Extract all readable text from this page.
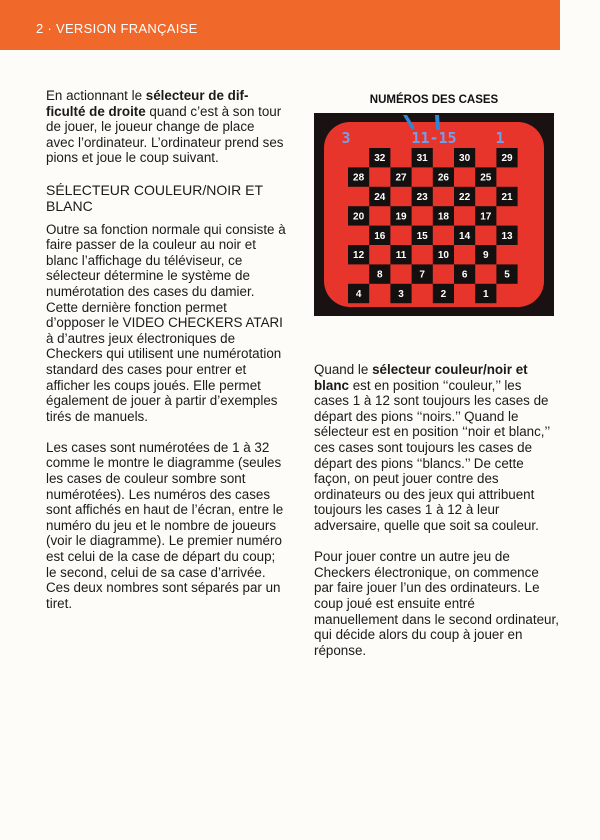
2 · VERSION FRANÇAISE

En actionnant le sélecteur de dif-ficulté de droite quand c’est à son tour de jouer, le joueur change de place avec l’ordinateur. L’ordinateur prend ses pions et joue le coup suivant.

SÉLECTEUR COULEUR/NOIR ET BLANC

Outre sa fonction normale qui consiste à faire passer de la couleur au noir et blanc l’affichage du téléviseur, ce sélecteur détermine le système de numérotation des cases du damier. Cette dernière fonction permet d’opposer le VIDEO CHECKERS ATARI à d’autres jeux électroniques de Checkers qui utilisent une numérotation standard des cases pour entrer et afficher les coups joués. Elle permet également de jouer à partir d’exemples tirés de manuels.

Les cases sont numérotées de 1 à 32 comme le montre le diagramme (seules les cases de couleur sombre sont numérotées). Les numéros des cases sont affichés en haut de l’écran, entre le numéro du jeu et le nombre de joueurs (voir le diagramme). Le premier numéro est celui de la case de départ du coup; le second, celui de sa case d’arrivée. Ces deux nombres sont séparés par un tiret.

NUMÉROS DES CASES
3	11-15	1
32	31	30	29
28	27	26	25
24	23	22	21
20	19	18	17
16	15	14	13
12	11	10	9
8	7	6	5
4	3	2	1

Quand le sélecteur couleur/noir et blanc est en position ‘‘couleur,’’ les cases 1 à 12 sont toujours les cases de départ des pions ‘‘noirs.’’ Quand le sélecteur est en position ‘‘noir et blanc,’’ ces cases sont toujours les cases de départ des pions ‘‘blancs.’’ De cette façon, on peut jouer contre des ordinateurs ou des jeux qui attribuent toujours les cases 1 à 12 à leur adversaire, quelle que soit sa couleur.

Pour jouer contre un autre jeu de Checkers électronique, on commence par faire jouer l’un des ordinateurs. Le coup joué est ensuite entré manuellement dans le second ordinateur, qui décide alors du coup à jouer en réponse.
